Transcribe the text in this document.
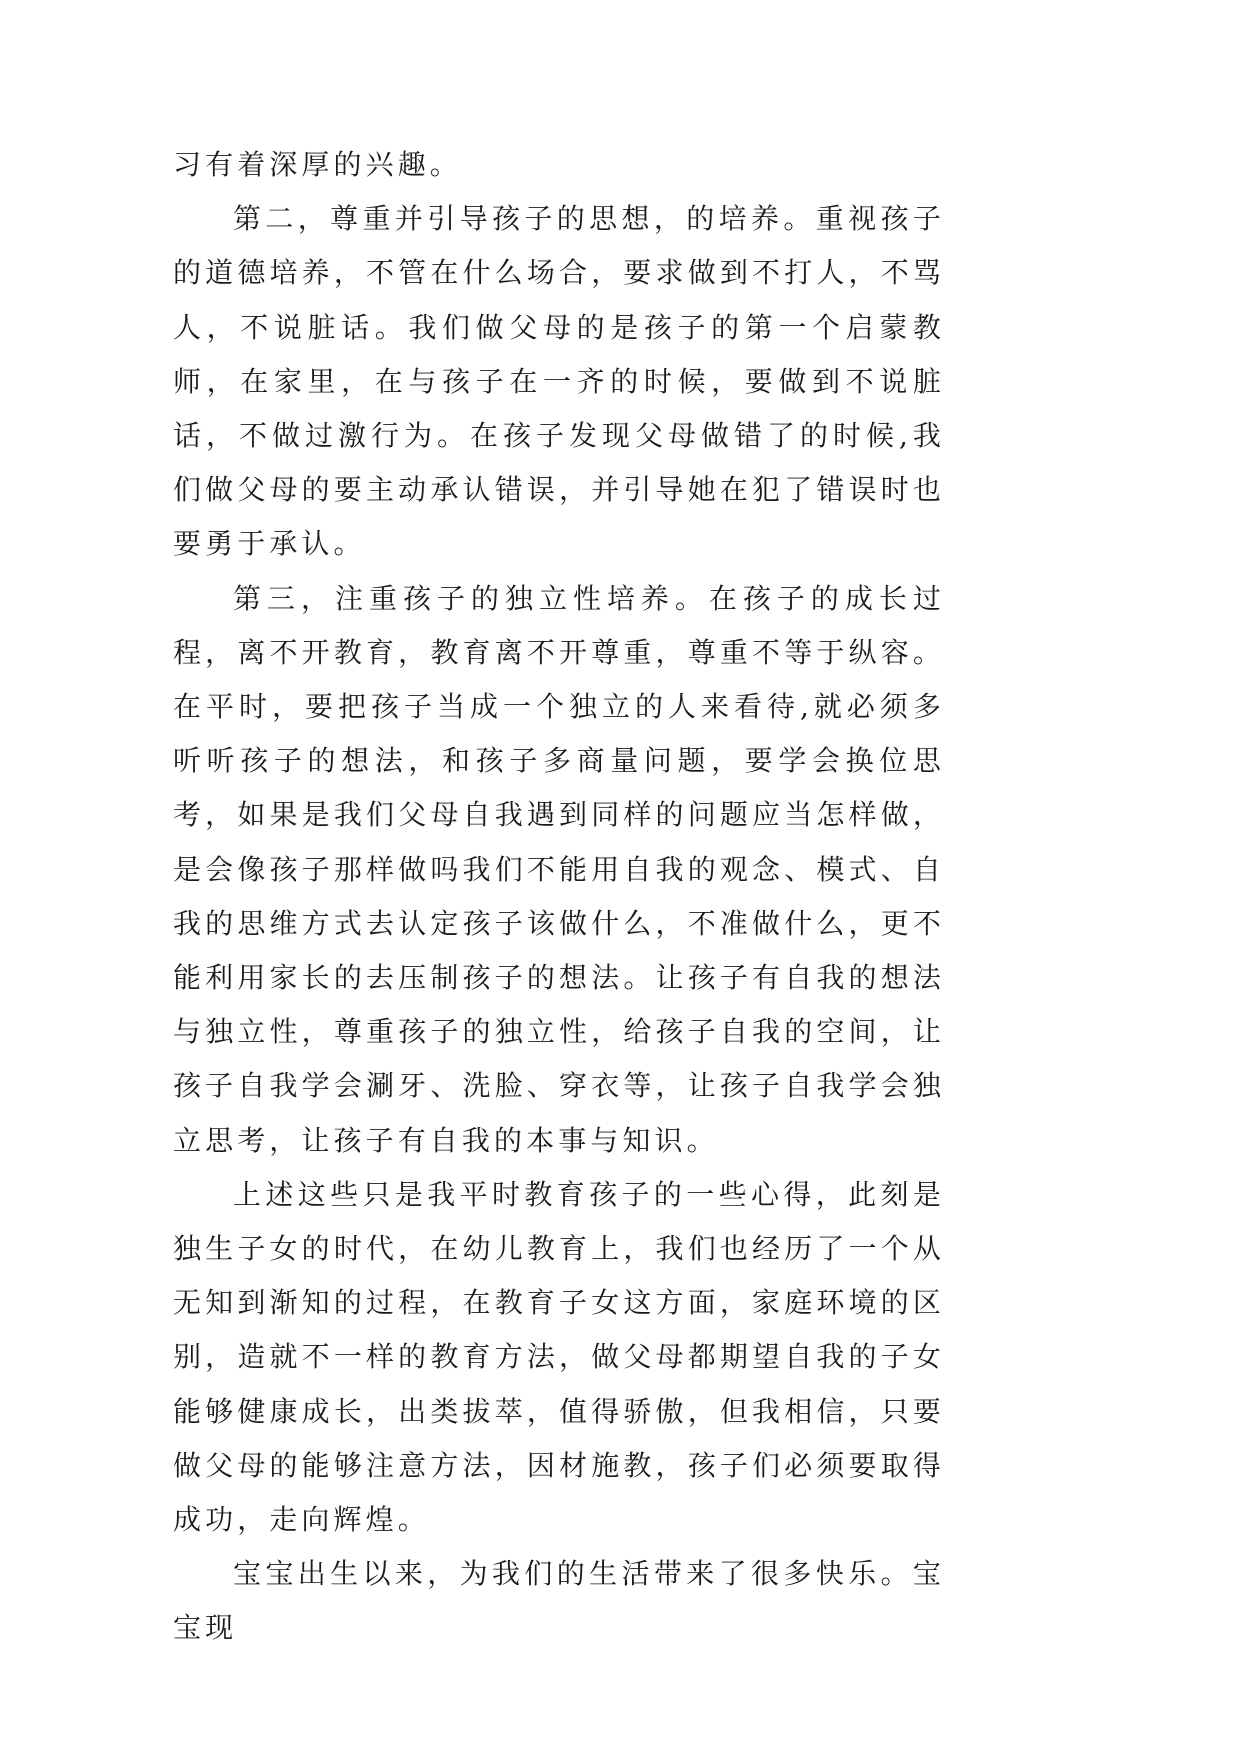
习有着深厚的兴趣。

第二，尊重并引导孩子的思想，的培养。重视孩子的道德培养，不管在什么场合，要求做到不打人，不骂人，不说脏话。我们做父母的是孩子的第一个启蒙教师，在家里，在与孩子在一齐的时候，要做到不说脏话，不做过激行为。在孩子发现父母做错了的时候,我们做父母的要主动承认错误，并引导她在犯了错误时也要勇于承认。

第三，注重孩子的独立性培养。在孩子的成长过程，离不开教育，教育离不开尊重，尊重不等于纵容。在平时，要把孩子当成一个独立的人来看待,就必须多听听孩子的想法，和孩子多商量问题，要学会换位思考，如果是我们父母自我遇到同样的问题应当怎样做，是会像孩子那样做吗我们不能用自我的观念、模式、自我的思维方式去认定孩子该做什么，不准做什么，更不能利用家长的去压制孩子的想法。让孩子有自我的想法与独立性，尊重孩子的独立性，给孩子自我的空间，让孩子自我学会涮牙、洗脸、穿衣等，让孩子自我学会独立思考，让孩子有自我的本事与知识。

上述这些只是我平时教育孩子的一些心得，此刻是独生子女的时代，在幼儿教育上，我们也经历了一个从无知到渐知的过程，在教育子女这方面，家庭环境的区别，造就不一样的教育方法，做父母都期望自我的子女能够健康成长，出类拔萃，值得骄傲，但我相信，只要做父母的能够注意方法，因材施教，孩子们必须要取得成功，走向辉煌。

宝宝出生以来，为我们的生活带来了很多快乐。宝宝现
